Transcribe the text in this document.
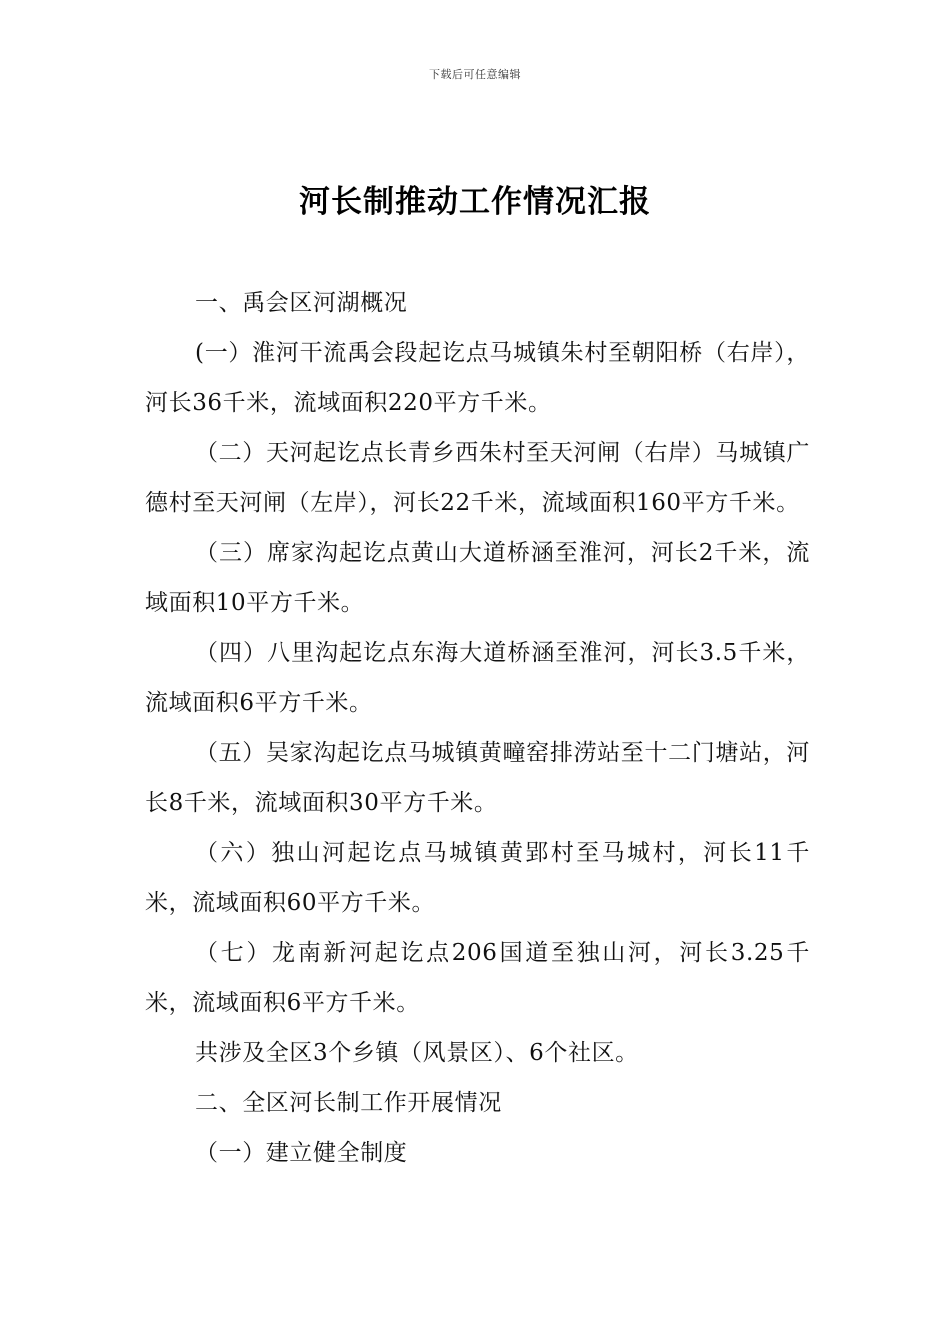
下载后可任意编辑
河长制推动工作情况汇报

一、禹会区河湖概况

(一）淮河干流禹会段起讫点马城镇朱村至朝阳桥（右岸），河长36千米，流域面积220平方千米。

（二）天河起讫点长青乡西朱村至天河闸（右岸）马城镇广德村至天河闸（左岸），河长22千米，流域面积160平方千米。

（三）席家沟起讫点黄山大道桥涵至淮河，河长2千米，流域面积10平方千米。

（四）八里沟起讫点东海大道桥涵至淮河，河长3.5千米，流域面积6平方千米。

（五）吴家沟起讫点马城镇黄疃窑排涝站至十二门塘站，河长8千米，流域面积30平方千米。

（六）独山河起讫点马城镇黄郢村至马城村，河长11千米，流域面积60平方千米。

（七）龙南新河起讫点206国道至独山河，河长3.25千米，流域面积6平方千米。

共涉及全区3个乡镇（风景区）、6个社区。

二、全区河长制工作开展情况

（一）建立健全制度
